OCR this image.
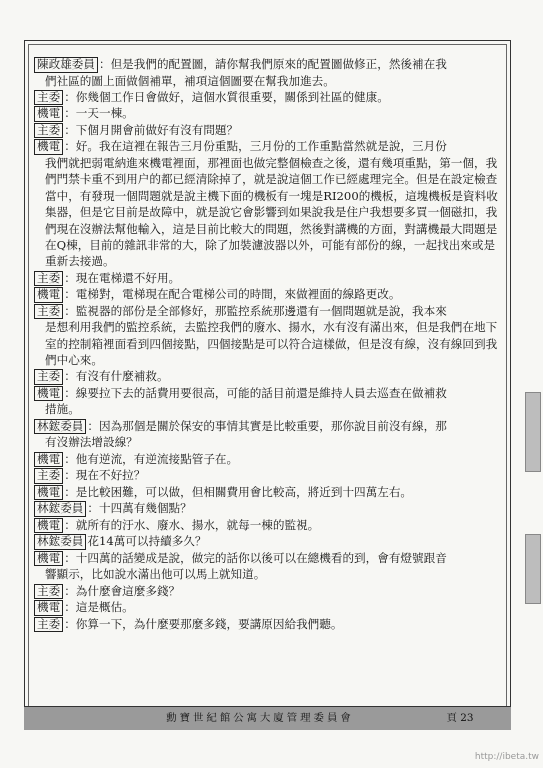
陳政雄委員 ：但是我們的配置圖，請你幫我們原來的配置圖做修正，然後補在我
們社區的圖上面做個補單，補項這個圖要在幫我加進去。
主委 ：你幾個工作日會做好，這個水質很重要，關係到社區的健康。
機電 ：一天一棟。
主委 ：下個月開會前做好有沒有問題？
機電 ：好。我在這裡在報告三月份重點，三月份的工作重點當然就是說，三月份
我們就把弱電納進來機電裡面，那裡面也做完整個檢查之後，還有幾項重點，第一個，我們門禁卡重不到用户的都已經清除掉了，就是說這個工作已經處理完全。但是在設定檢查當中，有發現一個問題就是說主機下面的機板有一塊是RI200的機板，這塊機板是資料收集器，但是它目前是故障中，就是說它會影響到如果說我是住户我想要多買一個磁扣，我們現在沒辦法幫他輸入，這是目前比較大的問題，然後對講機的方面，對講機最大問題是在Q棟，目前的雜訊非常的大，除了加裝濾波器以外，可能有部份的線，一起找出來或是重新去接過。
主委 ：現在電梯還不好用。
機電 ：電梯對，電梯現在配合電梯公司的時間，來做裡面的線路更改。
主委 ：監視器的部份是全部修好，那監控系統那邊還有一個問題就是說，我本來
是想利用我們的監控系統，去監控我們的廢水、揚水，水有沒有滿出來，但是我們在地下室的控制箱裡面看到四個接點，四個接點是可以符合這樣做，但是沒有線，沒有線回到我們中心來。
主委 ：有沒有什麼補救。
機電 ：線要拉下去的話費用要很高，可能的話目前還是維持人員去巡查在做補救
措施。
林鋐委員 ：因為那個是關於保安的事情其實是比較重要，那你說目前沒有線，那
有沒辦法增設線？
機電 ：他有逆流，有逆流接點管子在。
主委 ：現在不好拉？
機電 ：是比較困難，可以做，但相關費用會比較高，將近到十四萬左右。
林鋐委員 ：十四萬有幾個點？
機電 ：就所有的汙水、廢水、揚水，就每一棟的監視。
林鋐委員 花14萬可以持續多久？
機電 ：十四萬的話變成是說，做完的話你以後可以在總機看的到，會有燈號跟音
響顯示，比如說水滿出他可以馬上就知道。
主委 ：為什麼會這麼多錢？
機電 ：這是概估。
主委 ：你算一下，為什麼要那麼多錢，要講原因給我們聽。
勳寶世紀館公寓大廈管理委員會	頁 23
http://ibeta.tw
